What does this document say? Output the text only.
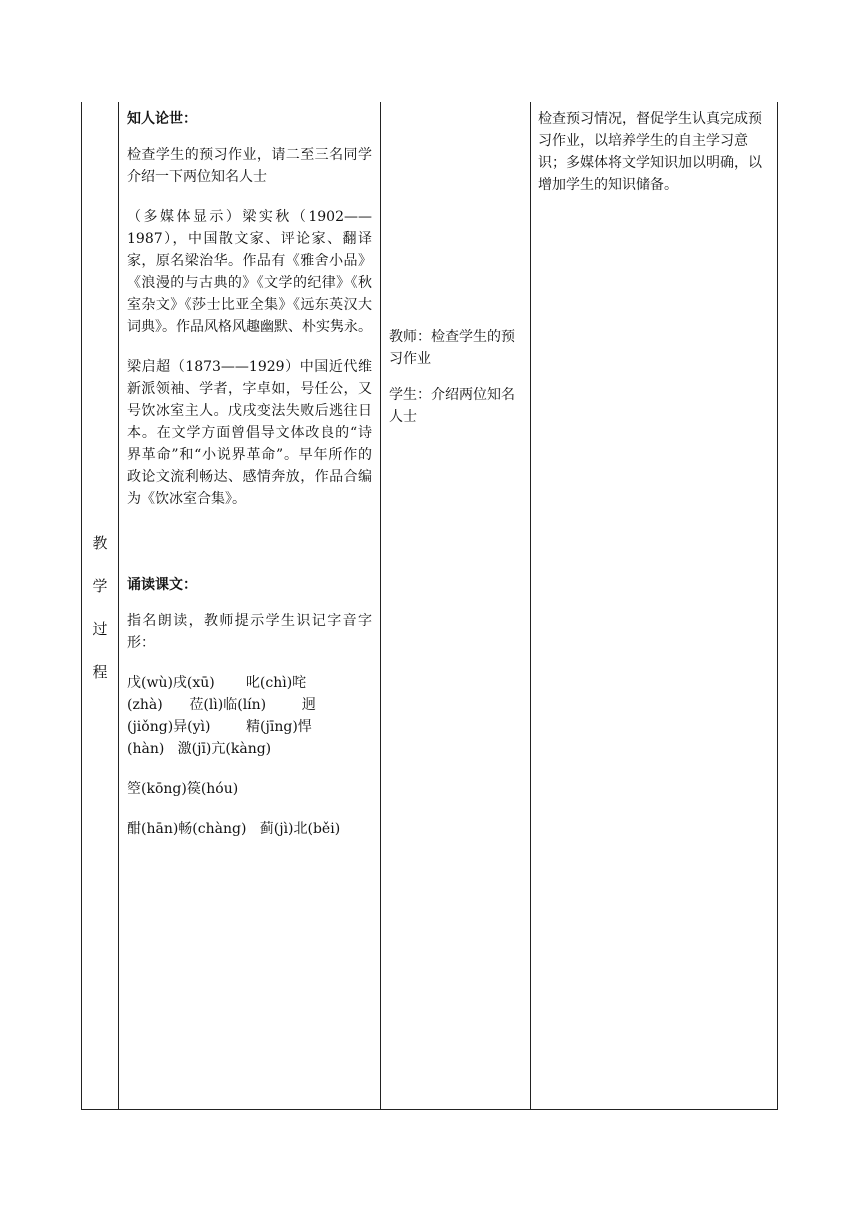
教
学
过
程

知人论世：

检查学生的预习作业，请二至三名同学介绍一下两位知名人士

（多媒体显示）梁实秋（1902——1987），中国散文家、评论家、翻译家，原名梁治华。作品有《雅舍小品》《浪漫的与古典的》《文学的纪律》《秋室杂文》《莎士比亚全集》《远东英汉大词典》。作品风格风趣幽默、朴实隽永。

梁启超（1873——1929）中国近代维新派领袖、学者，字卓如，号任公，又号饮冰室主人。戊戌变法失败后逃往日本。在文学方面曾倡导文体改良的“诗界革命”和“小说界革命”。早年所作的政论文流利畅达、感情奔放，作品合编为《饮冰室合集》。

诵读课文：

指名朗读，教师提示学生识记字音字形：

戊(wù)戌(xū)       叱(chì)咤

(zhà)      莅(lì)临(lín)        迥

(jiǒng)异(yì)        精(jīng)悍

(hàn)   激(jī)亢(kàng)

箜(kōng)篌(hóu)

酣(hān)畅(chàng)   蓟(jì)北(běi)

教师：检查学生的预习作业

学生：介绍两位知名人士

检查预习情况，督促学生认真完成预习作业，以培养学生的自主学习意识；多媒体将文学知识加以明确，以增加学生的知识储备。
